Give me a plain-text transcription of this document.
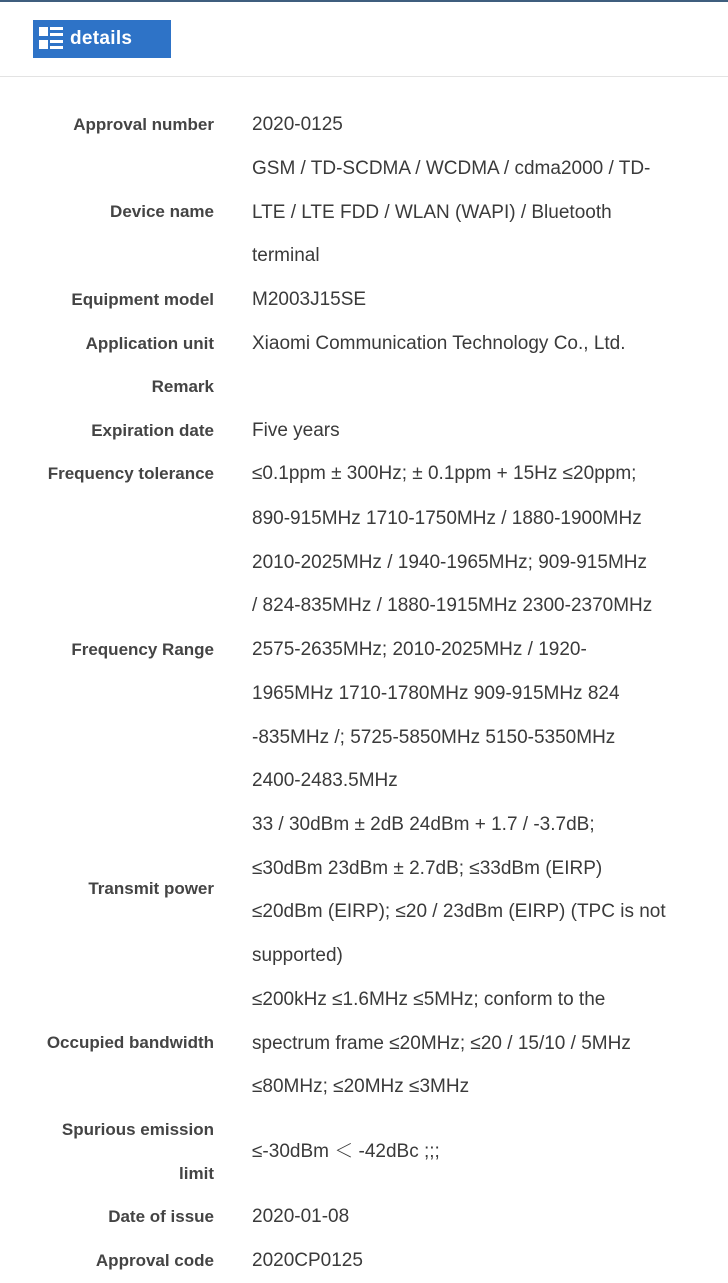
details
Approval number 2020-0125
Device name
GSM / TD-SCDMA / WCDMA / cdma2000 / TD-
LTE / LTE FDD / WLAN (WAPI) / Bluetooth
terminal
Equipment model M2003J15SE
Application unit Xiaomi Communication Technology Co., Ltd.
Remark
Expiration date Five years
Frequency tolerance ≤0.1ppm ± 300Hz; ± 0.1ppm + 15Hz ≤20ppm;
Frequency Range
890-915MHz 1710-1750MHz / 1880-1900MHz
2010-2025MHz / 1940-1965MHz; 909-915MHz
/ 824-835MHz / 1880-1915MHz 2300-2370MHz
2575-2635MHz; 2010-2025MHz / 1920-
1965MHz 1710-1780MHz 909-915MHz 824
-835MHz /; 5725-5850MHz 5150-5350MHz
2400-2483.5MHz
Transmit power
33 / 30dBm ± 2dB 24dBm + 1.7 / -3.7dB;
≤30dBm 23dBm ± 2.7dB; ≤33dBm (EIRP)
≤20dBm (EIRP); ≤20 / 23dBm (EIRP) (TPC is not
supported)
Occupied bandwidth
≤200kHz ≤1.6MHz ≤5MHz; conform to the
spectrum frame ≤20MHz; ≤20 / 15/10 / 5MHz
≤80MHz; ≤20MHz ≤3MHz
Spurious emission
limit
≤-30dBm ＜ -42dBc ;;;
Date of issue 2020-01-08
Approval code 2020CP0125
